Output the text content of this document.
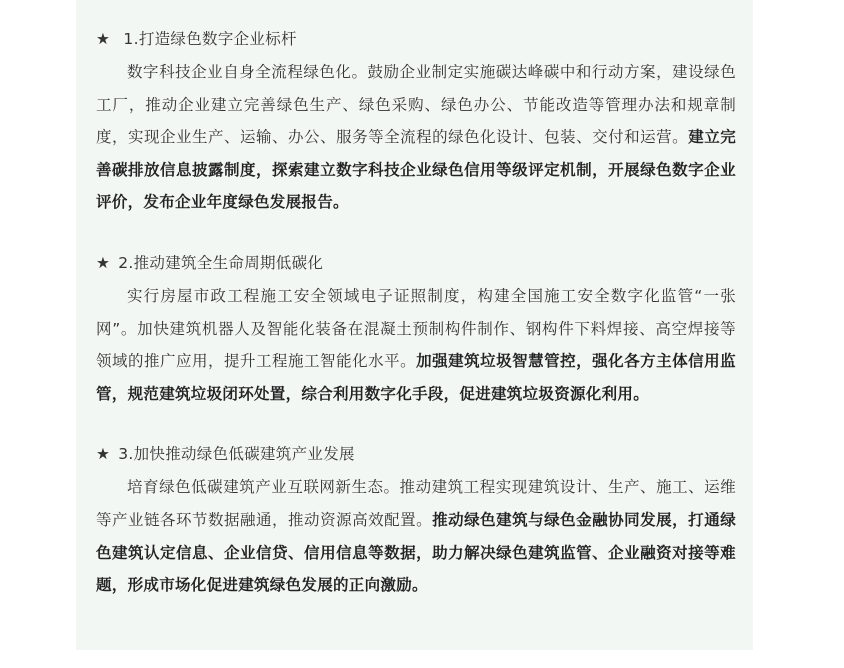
★ 1.打造绿色数字企业标杆

数字科技企业自身全流程绿色化。鼓励企业制定实施碳达峰碳中和行动方案，建设绿色工厂，推动企业建立完善绿色生产、绿色采购、绿色办公、节能改造等管理办法和规章制度，实现企业生产、运输、办公、服务等全流程的绿色化设计、包装、交付和运营。建立完善碳排放信息披露制度，探索建立数字科技企业绿色信用等级评定机制，开展绿色数字企业评价，发布企业年度绿色发展报告。

★ 2.推动建筑全生命周期低碳化

实行房屋市政工程施工安全领域电子证照制度，构建全国施工安全数字化监管“一张网”。加快建筑机器人及智能化装备在混凝土预制构件制作、钢构件下料焊接、高空焊接等领域的推广应用，提升工程施工智能化水平。加强建筑垃圾智慧管控，强化各方主体信用监管，规范建筑垃圾闭环处置，综合利用数字化手段，促进建筑垃圾资源化利用。

★ 3.加快推动绿色低碳建筑产业发展

培育绿色低碳建筑产业互联网新生态。推动建筑工程实现建筑设计、生产、施工、运维等产业链各环节数据融通，推动资源高效配置。推动绿色建筑与绿色金融协同发展，打通绿色建筑认定信息、企业信贷、信用信息等数据，助力解决绿色建筑监管、企业融资对接等难题，形成市场化促进建筑绿色发展的正向激励。
